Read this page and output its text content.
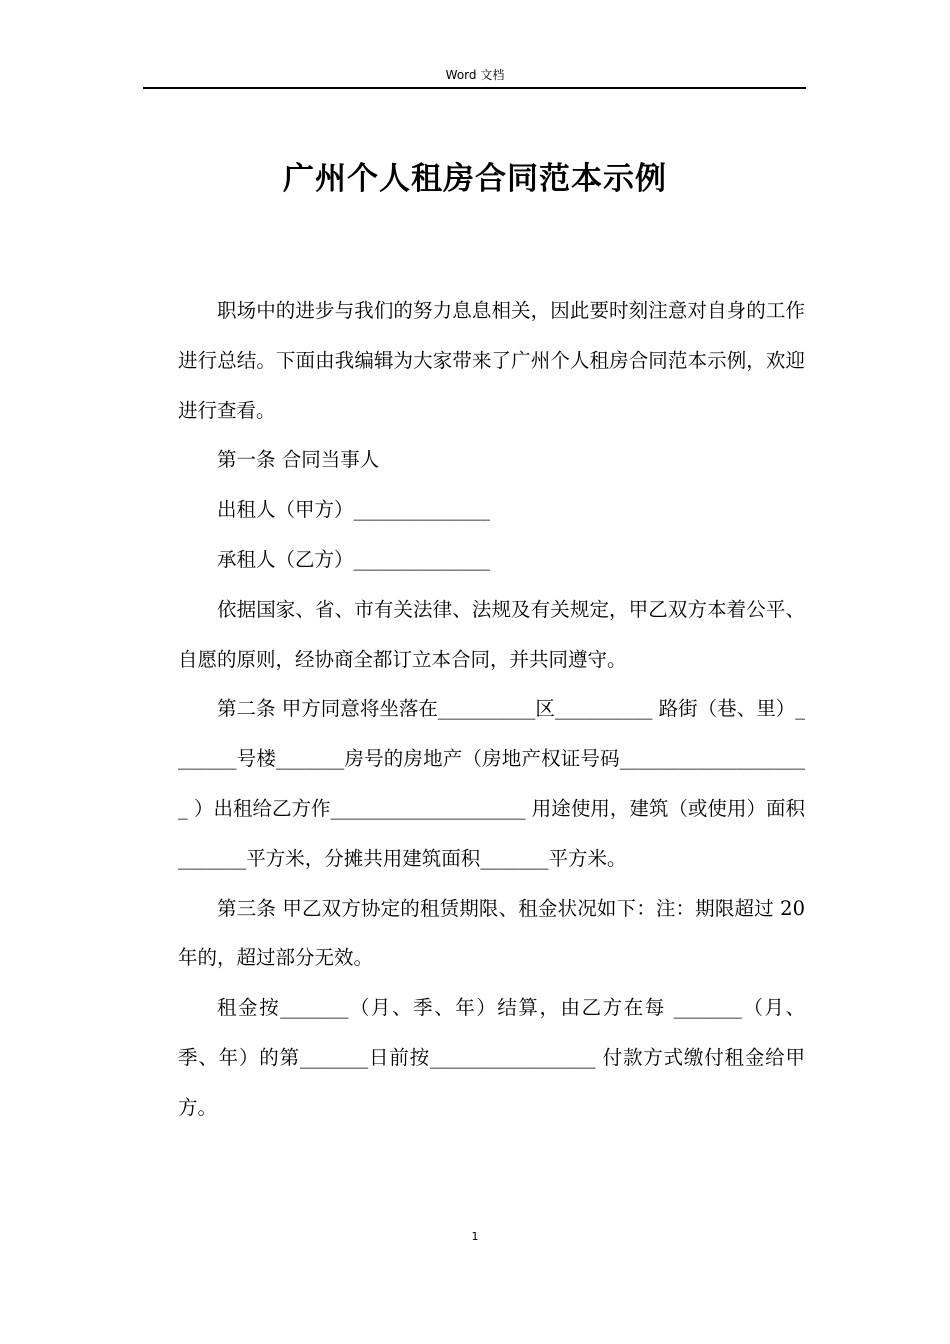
Word 文档
广州个人租房合同范本示例

职场中的进步与我们的努力息息相关，因此要时刻注意对自身的工作进行总结。下面由我编辑为大家带来了广州个人租房合同范本示例，欢迎进行查看。

第一条 合同当事人

出租人（甲方）______________

承租人（乙方）______________

依据国家、省、市有关法律、法规及有关规定，甲乙双方本着公平、自愿的原则，经协商全都订立本合同，并共同遵守。

第二条 甲方同意将坐落在__________区__________ 路街（巷、里）_______号楼_______房号的房地产（房地产权证号码____________________ ）出租给乙方作____________________ 用途使用，建筑（或使用）面积_______平方米，分摊共用建筑面积_______平方米。

第三条 甲乙双方协定的租赁期限、租金状况如下：注：期限超过 20 年的，超过部分无效。

租金按_______（月、季、年）结算，由乙方在每 _______（月、季、年）的第_______日前按_________________ 付款方式缴付租金给甲方。

1
